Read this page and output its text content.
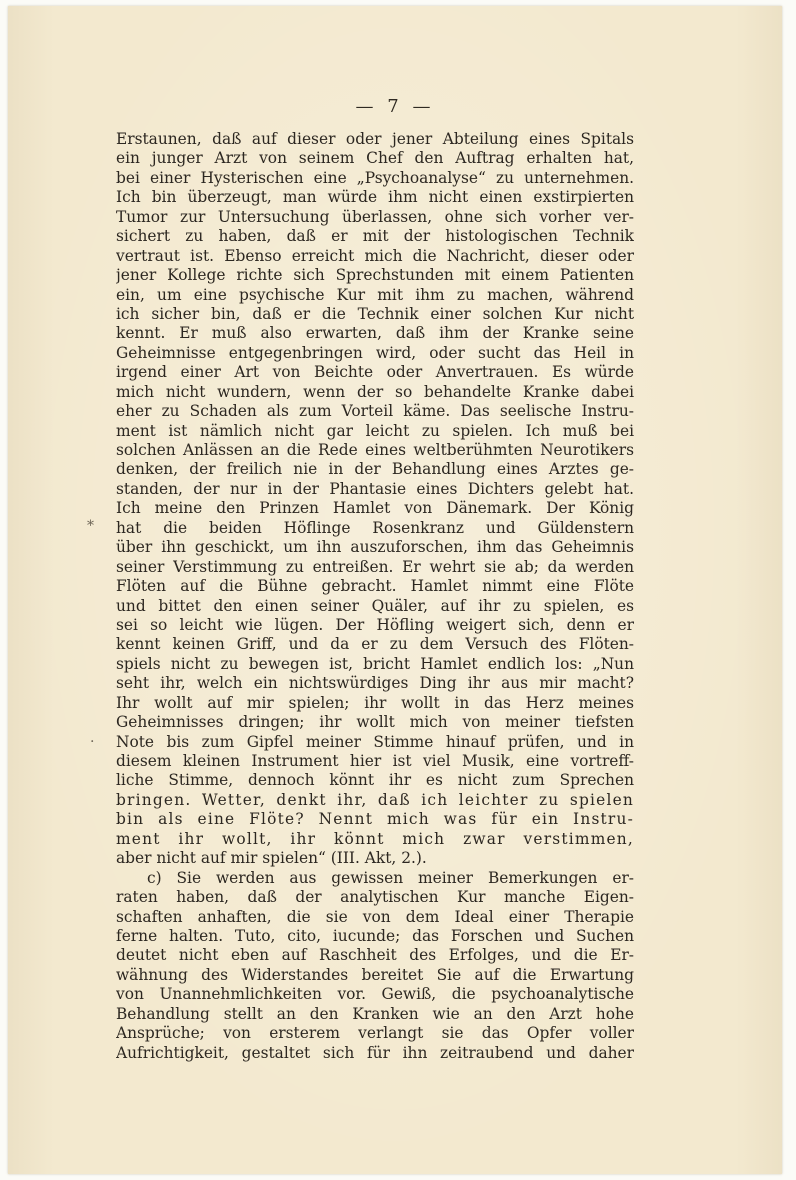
— 7 —
*
.
Erstaunen, daß auf dieser oder jener Abteilung eines Spitals
ein junger Arzt von seinem Chef den Auftrag erhalten hat,
bei einer Hysterischen eine „Psychoanalyse“ zu unternehmen.
Ich bin überzeugt, man würde ihm nicht einen exstirpierten
Tumor zur Untersuchung überlassen, ohne sich vorher ver-
sichert zu haben, daß er mit der histologischen Technik
vertraut ist. Ebenso erreicht mich die Nachricht, dieser oder
jener Kollege richte sich Sprechstunden mit einem Patienten
ein, um eine psychische Kur mit ihm zu machen, während
ich sicher bin, daß er die Technik einer solchen Kur nicht
kennt. Er muß also erwarten, daß ihm der Kranke seine
Geheimnisse entgegenbringen wird, oder sucht das Heil in
irgend einer Art von Beichte oder Anvertrauen. Es würde
mich nicht wundern, wenn der so behandelte Kranke dabei
eher zu Schaden als zum Vorteil käme. Das seelische Instru-
ment ist nämlich nicht gar leicht zu spielen. Ich muß bei
solchen Anlässen an die Rede eines weltberühmten Neurotikers
denken, der freilich nie in der Behandlung eines Arztes ge-
standen, der nur in der Phantasie eines Dichters gelebt hat.
Ich meine den Prinzen Hamlet von Dänemark. Der König
hat die beiden Höflinge Rosenkranz und Güldenstern
über ihn geschickt, um ihn auszuforschen, ihm das Geheimnis
seiner Verstimmung zu entreißen. Er wehrt sie ab; da werden
Flöten auf die Bühne gebracht. Hamlet nimmt eine Flöte
und bittet den einen seiner Quäler, auf ihr zu spielen, es
sei so leicht wie lügen. Der Höfling weigert sich, denn er
kennt keinen Griff, und da er zu dem Versuch des Flöten-
spiels nicht zu bewegen ist, bricht Hamlet endlich los: „Nun
seht ihr, welch ein nichtswürdiges Ding ihr aus mir macht?
Ihr wollt auf mir spielen; ihr wollt in das Herz meines
Geheimnisses dringen; ihr wollt mich von meiner tiefsten
Note bis zum Gipfel meiner Stimme hinauf prüfen, und in
diesem kleinen Instrument hier ist viel Musik, eine vortreff-
liche Stimme, dennoch könnt ihr es nicht zum Sprechen
bringen. Wetter, denkt ihr, daß ich leichter zu spielen
bin als eine Flöte? Nennt mich was für ein Instru-
ment ihr wollt, ihr könnt mich zwar verstimmen,
aber nicht auf mir spielen“ (III. Akt, 2.).
c) Sie werden aus gewissen meiner Bemerkungen er-
raten haben, daß der analytischen Kur manche Eigen-
schaften anhaften, die sie von dem Ideal einer Therapie
ferne halten. Tuto, cito, iucunde; das Forschen und Suchen
deutet nicht eben auf Raschheit des Erfolges, und die Er-
wähnung des Widerstandes bereitet Sie auf die Erwartung
von Unannehmlichkeiten vor. Gewiß, die psychoanalytische
Behandlung stellt an den Kranken wie an den Arzt hohe
Ansprüche; von ersterem verlangt sie das Opfer voller
Aufrichtigkeit, gestaltet sich für ihn zeitraubend und daher
